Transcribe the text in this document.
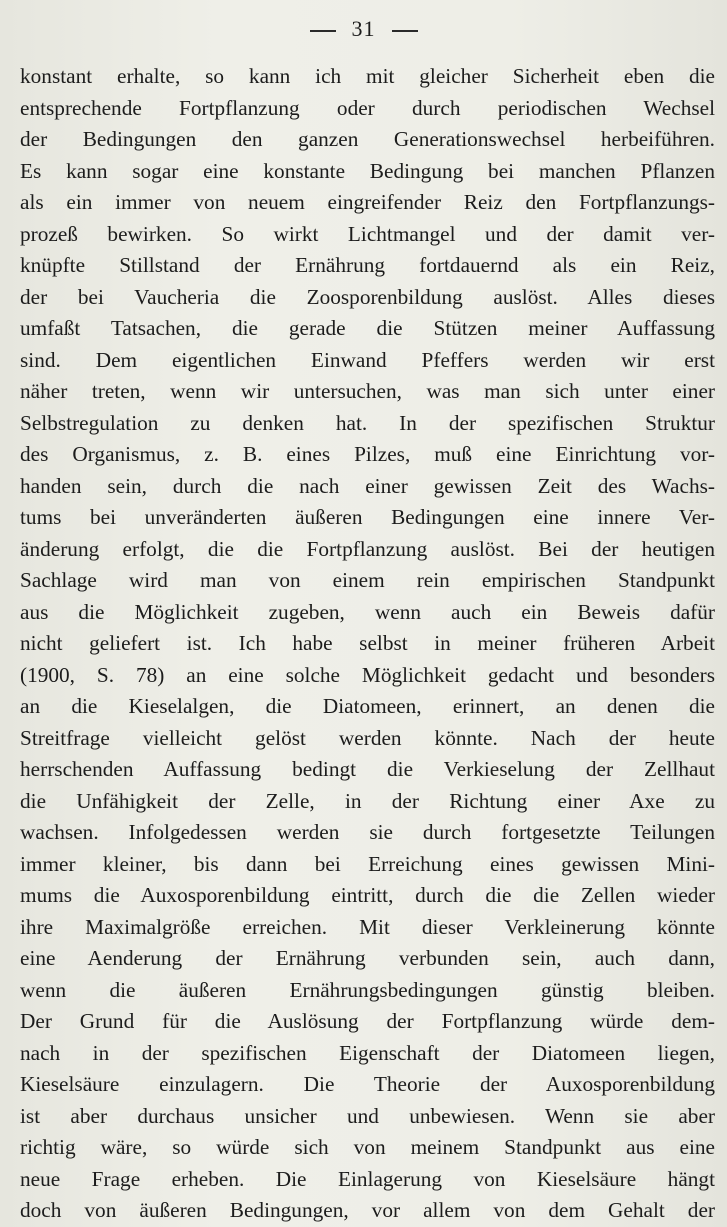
31
konstant erhalte, so kann ich mit gleicher Sicherheit eben die
entsprechende Fortpflanzung oder durch periodischen Wechsel
der Bedingungen den ganzen Generationswechsel herbeiführen.
Es kann sogar eine konstante Bedingung bei manchen Pflanzen
als ein immer von neuem eingreifender Reiz den Fortpflanzungs-
prozeß bewirken. So wirkt Lichtmangel und der damit ver-
knüpfte Stillstand der Ernährung fortdauernd als ein Reiz,
der bei Vaucheria die Zoosporenbildung auslöst. Alles dieses
umfaßt Tatsachen, die gerade die Stützen meiner Auffassung
sind. Dem eigentlichen Einwand Pfeffers werden wir erst
näher treten, wenn wir untersuchen, was man sich unter einer
Selbstregulation zu denken hat. In der spezifischen Struktur
des Organismus, z. B. eines Pilzes, muß eine Einrichtung vor-
handen sein, durch die nach einer gewissen Zeit des Wachs-
tums bei unveränderten äußeren Bedingungen eine innere Ver-
änderung erfolgt, die die Fortpflanzung auslöst. Bei der heutigen
Sachlage wird man von einem rein empirischen Standpunkt
aus die Möglichkeit zugeben, wenn auch ein Beweis dafür
nicht geliefert ist. Ich habe selbst in meiner früheren Arbeit
(1900, S. 78) an eine solche Möglichkeit gedacht und besonders
an die Kieselalgen, die Diatomeen, erinnert, an denen die
Streitfrage vielleicht gelöst werden könnte. Nach der heute
herrschenden Auffassung bedingt die Verkieselung der Zellhaut
die Unfähigkeit der Zelle, in der Richtung einer Axe zu
wachsen. Infolgedessen werden sie durch fortgesetzte Teilungen
immer kleiner, bis dann bei Erreichung eines gewissen Mini-
mums die Auxosporenbildung eintritt, durch die die Zellen wieder
ihre Maximalgröße erreichen. Mit dieser Verkleinerung könnte
eine Aenderung der Ernährung verbunden sein, auch dann,
wenn die äußeren Ernährungsbedingungen günstig bleiben.
Der Grund für die Auslösung der Fortpflanzung würde dem-
nach in der spezifischen Eigenschaft der Diatomeen liegen,
Kieselsäure einzulagern. Die Theorie der Auxosporenbildung
ist aber durchaus unsicher und unbewiesen. Wenn sie aber
richtig wäre, so würde sich von meinem Standpunkt aus eine
neue Frage erheben. Die Einlagerung von Kieselsäure hängt
doch von äußeren Bedingungen, vor allem von dem Gehalt der
